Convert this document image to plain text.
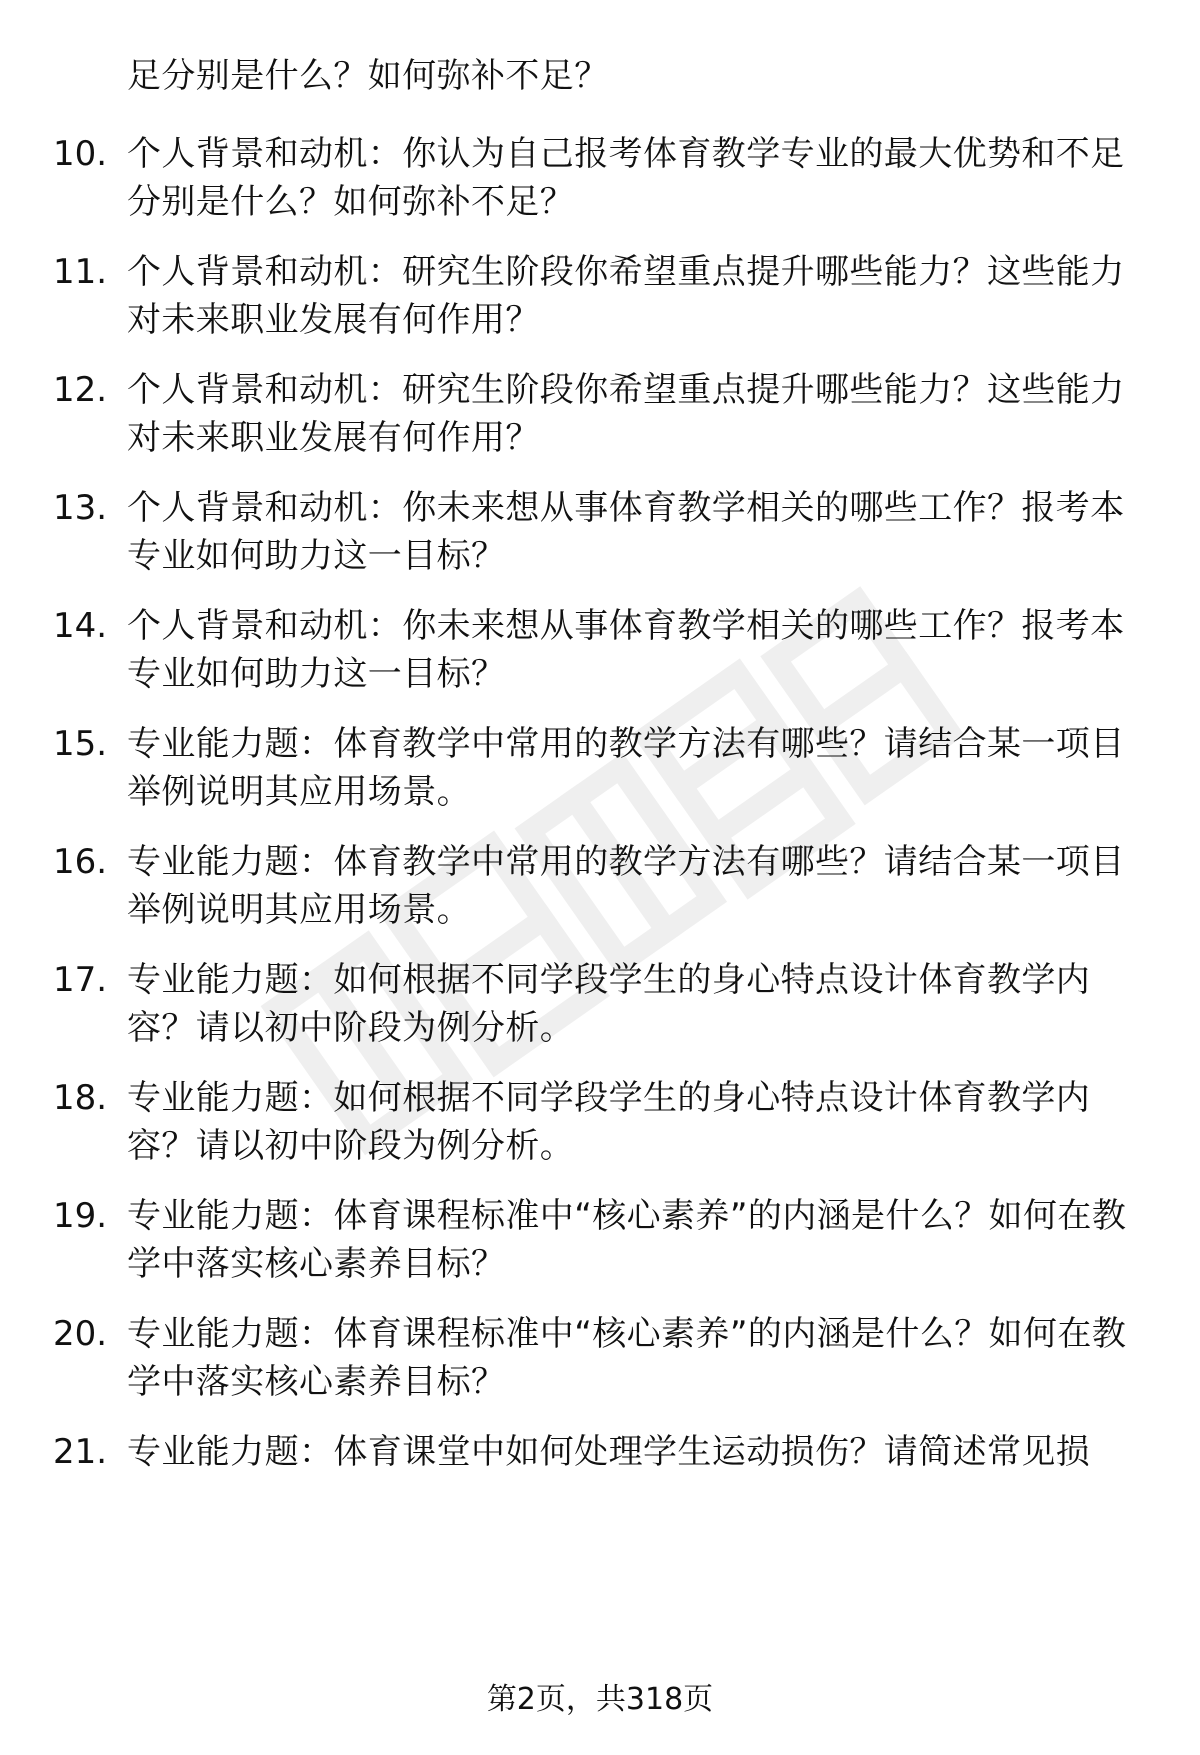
足分别是什么？如何弥补不足？
10. 个人背景和动机：你认为自己报考体育教学专业的最大优势和不足分别是什么？如何弥补不足？
11. 个人背景和动机：研究生阶段你希望重点提升哪些能力？这些能力对未来职业发展有何作用？
12. 个人背景和动机：研究生阶段你希望重点提升哪些能力？这些能力对未来职业发展有何作用？
13. 个人背景和动机：你未来想从事体育教学相关的哪些工作？报考本专业如何助力这一目标？
14. 个人背景和动机：你未来想从事体育教学相关的哪些工作？报考本专业如何助力这一目标？
15. 专业能力题：体育教学中常用的教学方法有哪些？请结合某一项目举例说明其应用场景。
16. 专业能力题：体育教学中常用的教学方法有哪些？请结合某一项目举例说明其应用场景。
17. 专业能力题：如何根据不同学段学生的身心特点设计体育教学内容？请以初中阶段为例分析。
18. 专业能力题：如何根据不同学段学生的身心特点设计体育教学内容？请以初中阶段为例分析。
19. 专业能力题：体育课程标准中“核心素养”的内涵是什么？如何在教学中落实核心素养目标？
20. 专业能力题：体育课程标准中“核心素养”的内涵是什么？如何在教学中落实核心素养目标？
21. 专业能力题：体育课堂中如何处理学生运动损伤？请简述常见损
第2页，共318页
